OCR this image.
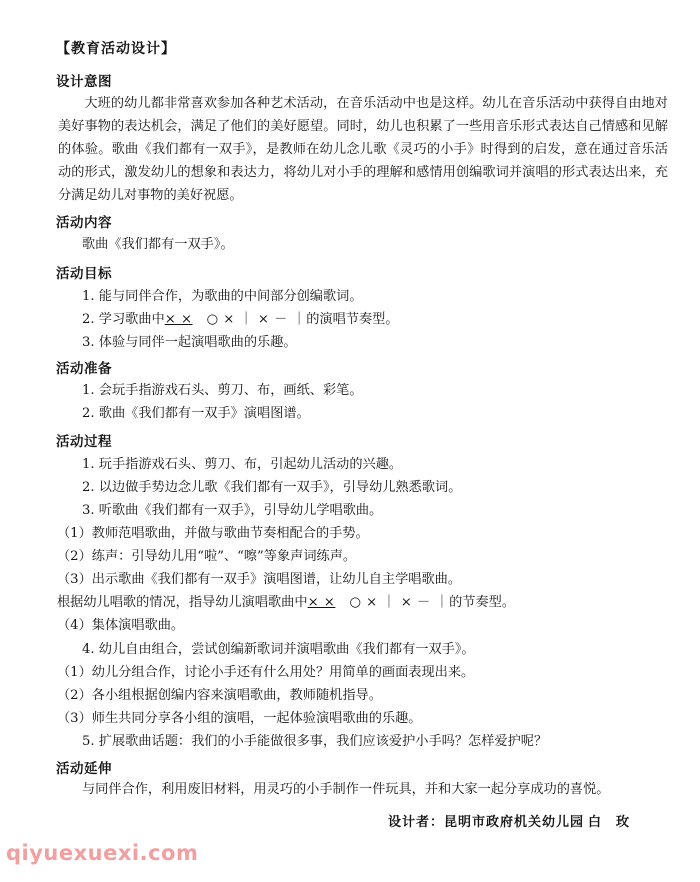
【教育活动设计】
设计意图
大班的幼儿都非常喜欢参加各种艺术活动，在音乐活动中也是这样。幼儿在音乐活动中获得自由地对美好事物的表达机会，满足了他们的美好愿望。同时，幼儿也积累了一些用音乐形式表达自己情感和见解的体验。歌曲《我们都有一双手》，是教师在幼儿念儿歌《灵巧的小手》时得到的启发，意在通过音乐活动的形式，激发幼儿的想象和表达力，将幼儿对小手的理解和感情用创编歌词并演唱的形式表达出来，充分满足幼儿对事物的美好祝愿。
活动内容
歌曲《我们都有一双手》。
活动目标
1. 能与同伴合作，为歌曲的中间部分创编歌词。
2. 学习歌曲中× × ○ × ｜ × － ｜的演唱节奏型。
3. 体验与同伴一起演唱歌曲的乐趣。
活动准备
1. 会玩手指游戏石头、剪刀、布，画纸、彩笔。
2. 歌曲《我们都有一双手》演唱图谱。
活动过程
1. 玩手指游戏石头、剪刀、布，引起幼儿活动的兴趣。
2. 以边做手势边念儿歌《我们都有一双手》，引导幼儿熟悉歌词。
3. 听歌曲《我们都有一双手》，引导幼儿学唱歌曲。
（1）教师范唱歌曲，并做与歌曲节奏相配合的手势。
（2）练声：引导幼儿用“啦”、“嚓”等象声词练声。
（3）出示歌曲《我们都有一双手》演唱图谱，让幼儿自主学唱歌曲。
根据幼儿唱歌的情况，指导幼儿演唱歌曲中× × ○ × ｜ × － ｜的节奏型。
（4）集体演唱歌曲。
4. 幼儿自由组合，尝试创编新歌词并演唱歌曲《我们都有一双手》。
（1）幼儿分组合作，讨论小手还有什么用处？用简单的画面表现出来。
（2）各小组根据创编内容来演唱歌曲，教师随机指导。
（3）师生共同分享各小组的演唱，一起体验演唱歌曲的乐趣。
5. 扩展歌曲话题：我们的小手能做很多事，我们应该爱护小手吗？怎样爱护呢？
活动延伸
与同伴合作，利用废旧材料，用灵巧的小手制作一件玩具，并和大家一起分享成功的喜悦。
设计者：昆明市政府机关幼儿园 白　玫
qiyuexuexi.com
